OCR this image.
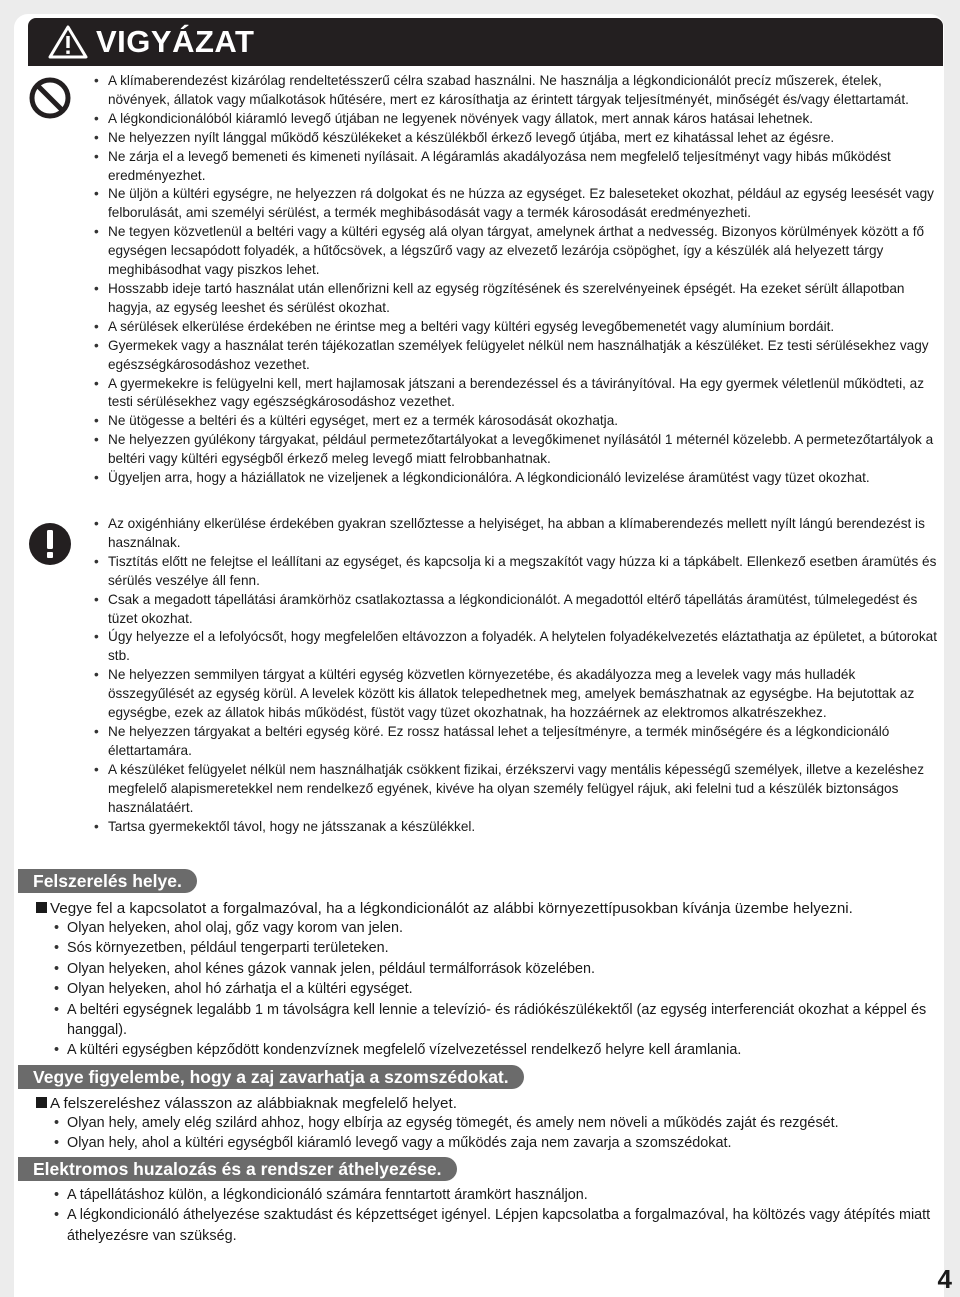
VIGYÁZAT
• A klímaberendezést kizárólag rendeltetésszerű célra szabad használni. Ne használja a légkondicionálót precíz műszerek, ételek, növények, állatok vagy műalkotások hűtésére, mert ez károsíthatja az érintett tárgyak teljesítményét, minőségét és/vagy élettartamát.
• A légkondicionálóból kiáramló levegő útjában ne legyenek növények vagy állatok, mert annak káros hatásai lehetnek.
• Ne helyezzen nyílt lánggal működő készülékeket a készülékből érkező levegő útjába, mert ez kihatással lehet az égésre.
• Ne zárja el a levegő bemeneti és kimeneti nyílásait. A légáramlás akadályozása nem megfelelő teljesítményt vagy hibás működést eredményezhet.
• Ne üljön a kültéri egységre, ne helyezzen rá dolgokat és ne húzza az egységet. Ez baleseteket okozhat, például az egység leesését vagy felborulását, ami személyi sérülést, a termék meghibásodását vagy a termék károsodását eredményezheti.
• Ne tegyen közvetlenül a beltéri vagy a kültéri egység alá olyan tárgyat, amelynek árthat a nedvesség. Bizonyos körülmények között a fő egységen lecsapódott folyadék, a hűtőcsövek, a légszűrő vagy az elvezető lezárója csöpöghet, így a készülék alá helyezett tárgy meghibásodhat vagy piszkos lehet.
• Hosszabb ideje tartó használat után ellenőrizni kell az egység rögzítésének és szerelvényeinek épségét. Ha ezeket sérült állapotban hagyja, az egység leeshet és sérülést okozhat.
• A sérülések elkerülése érdekében ne érintse meg a beltéri vagy kültéri egység levegőbemenetét vagy alumínium bordáit.
• Gyermekek vagy a használat terén tájékozatlan személyek felügyelet nélkül nem használhatják a készüléket. Ez testi sérülésekhez vagy egészségkárosodáshoz vezethet.
• A gyermekekre is felügyelni kell, mert hajlamosak játszani a berendezéssel és a távirányítóval. Ha egy gyermek véletlenül működteti, az testi sérülésekhez vagy egészségkárosodáshoz vezethet.
• Ne ütögesse a beltéri és a kültéri egységet, mert ez a termék károsodását okozhatja.
• Ne helyezzen gyúlékony tárgyakat, például permetezőtartályokat a levegőkimenet nyílásától 1 méternél közelebb. A permetezőtartályok a beltéri vagy kültéri egységből érkező meleg levegő miatt felrobbanhatnak.
• Ügyeljen arra, hogy a háziállatok ne vizeljenek a légkondicionálóra. A légkondicionáló levizelése áramütést vagy tüzet okozhat.
• Az oxigénhiány elkerülése érdekében gyakran szellőztesse a helyiséget, ha abban a klímaberendezés mellett nyílt lángú berendezést is használnak.
• Tisztítás előtt ne felejtse el leállítani az egységet, és kapcsolja ki a megszakítót vagy húzza ki a tápkábelt. Ellenkező esetben áramütés és sérülés veszélye áll fenn.
• Csak a megadott tápellátási áramkörhöz csatlakoztassa a légkondicionálót. A megadottól eltérő tápellátás áramütést, túlmelegedést és tüzet okozhat.
• Úgy helyezze el a lefolyócsőt, hogy megfelelően eltávozzon a folyadék. A helytelen folyadékelvezetés eláztathatja az épületet, a bútorokat stb.
• Ne helyezzen semmilyen tárgyat a kültéri egység közvetlen környezetébe, és akadályozza meg a levelek vagy más hulladék összegyűlését az egység körül. A levelek között kis állatok telepedhetnek meg, amelyek bemászhatnak az egységbe. Ha bejutottak az egységbe, ezek az állatok hibás működést, füstöt vagy tüzet okozhatnak, ha hozzáérnek az elektromos alkatrészekhez.
• Ne helyezzen tárgyakat a beltéri egység köré. Ez rossz hatással lehet a teljesítményre, a termék minőségére és a légkondicionáló élettartamára.
• A készüléket felügyelet nélkül nem használhatják csökkent fizikai, érzékszervi vagy mentális képességű személyek, illetve a kezeléshez megfelelő alapismeretekkel nem rendelkező egyének, kivéve ha olyan személy felügyel rájuk, aki felelni tud a készülék biztonságos használatáért.
• Tartsa gyermekektől távol, hogy ne játsszanak a készülékkel.
Felszerelés helye.
Vegye fel a kapcsolatot a forgalmazóval, ha a légkondicionálót az alábbi környezettípusokban kívánja üzembe helyezni.
• Olyan helyeken, ahol olaj, gőz vagy korom van jelen.
• Sós környezetben, például tengerparti területeken.
• Olyan helyeken, ahol kénes gázok vannak jelen, például termálforrások közelében.
• Olyan helyeken, ahol hó zárhatja el a kültéri egységet.
• A beltéri egységnek legalább 1 m távolságra kell lennie a televízió- és rádiókészülékektől (az egység interferenciát okozhat a képpel és hanggal).
• A kültéri egységben képződött kondenzvíznek megfelelő vízelvezetéssel rendelkező helyre kell áramlania.
Vegye figyelembe, hogy a zaj zavarhatja a szomszédokat.
A felszereléshez válasszon az alábbiaknak megfelelő helyet.
• Olyan hely, amely elég szilárd ahhoz, hogy elbírja az egység tömegét, és amely nem növeli a működés zaját és rezgését.
• Olyan hely, ahol a kültéri egységből kiáramló levegő vagy a működés zaja nem zavarja a szomszédokat.
Elektromos huzalozás és a rendszer áthelyezése.
• A tápellátáshoz külön, a légkondicionáló számára fenntartott áramkört használjon.
• A légkondicionáló áthelyezése szaktudást és képzettséget igényel. Lépjen kapcsolatba a forgalmazóval, ha költözés vagy átépítés miatt áthelyezésre van szükség.
4
